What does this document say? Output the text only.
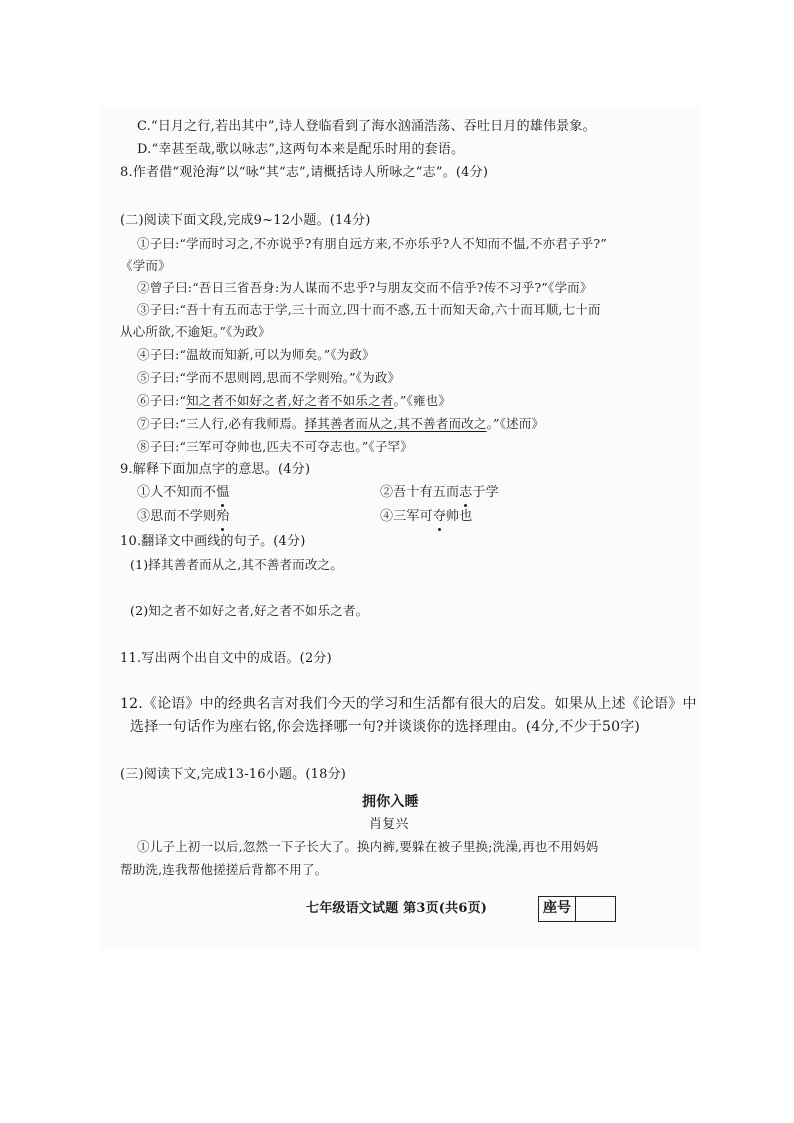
C.“日月之行,若出其中”,诗人登临看到了海水汹涌浩荡、吞吐日月的雄伟景象。
D.“幸甚至哉,歌以咏志”,这两句本来是配乐时用的套语。
8.作者借“观沧海”以“咏”其“志”,请概括诗人所咏之“志”。(4分)
(二)阅读下面文段,完成9~12小题。(14分)
①子曰:“学而时习之,不亦说乎?有朋自远方来,不亦乐乎?人不知而不愠,不亦君子乎?”
《学而》
②曾子曰:“吾日三省吾身:为人谋而不忠乎?与朋友交而不信乎?传不习乎?”《学而》
③子曰:“吾十有五而志于学,三十而立,四十而不惑,五十而知天命,六十而耳顺,七十而
从心所欲,不逾矩。”《为政》
④子曰:“温故而知新,可以为师矣。”《为政》
⑤子曰:“学而不思则罔,思而不学则殆。”《为政》
⑥子曰:“知之者不如好之者,好之者不如乐之者。”《雍也》
⑦子曰:“三人行,必有我师焉。择其善者而从之,其不善者而改之。”《述而》
⑧子曰:“三军可夺帅也,匹夫不可夺志也。”《子罕》
9.解释下面加点字的意思。(4分)
①人不知而不愠	②吾十有五而志于学
③思而不学则殆	④三军可夺帅也
10.翻译文中画线的句子。(4分)
(1)择其善者而从之,其不善者而改之。
(2)知之者不如好之者,好之者不如乐之者。
11.写出两个出自文中的成语。(2分)
12.《论语》中的经典名言对我们今天的学习和生活都有很大的启发。如果从上述《论语》中
选择一句话作为座右铭,你会选择哪一句?并谈谈你的选择理由。(4分,不少于50字)
(三)阅读下文,完成13-16小题。(18分)
拥你入睡
肖复兴
①儿子上初一以后,忽然一下子长大了。换内裤,要躲在被子里换;洗澡,再也不用妈妈
帮助洗,连我帮他搓搓后背都不用了。
七年级语文试题 第3页(共6页)	座号
